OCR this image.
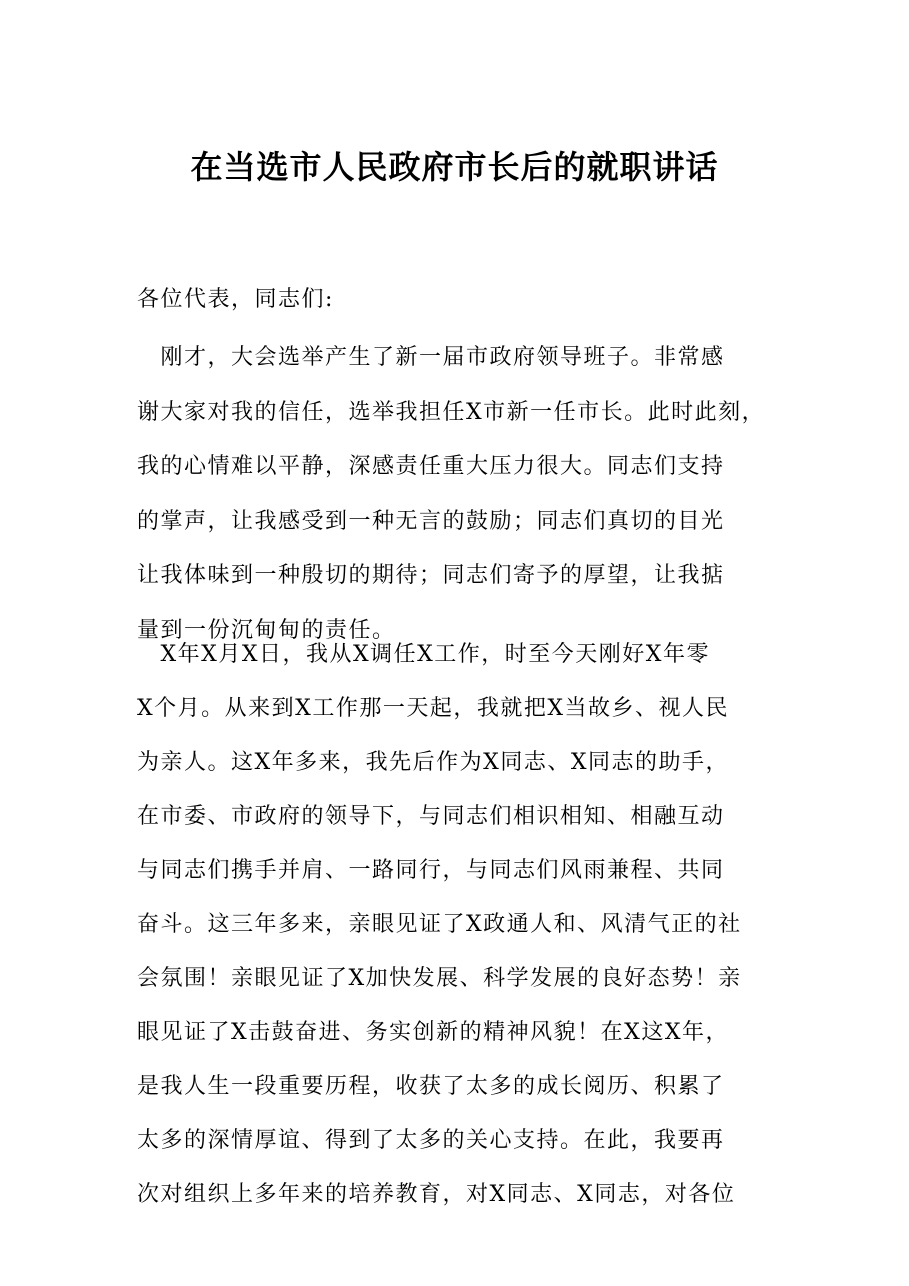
在当选市人民政府市长后的就职讲话

各位代表，同志们:

　刚才，大会选举产生了新一届市政府领导班子。非常感
谢大家对我的信任，选举我担任X市新一任市长。此时此刻，
我的心情难以平静，深感责任重大压力很大。同志们支持
的掌声，让我感受到一种无言的鼓励；同志们真切的目光
让我体味到一种殷切的期待；同志们寄予的厚望，让我掂
量到一份沉甸甸的责任。
　X年X月X日，我从X调任X工作，时至今天刚好X年零
X个月。从来到X工作那一天起，我就把X当故乡、视人民
为亲人。这X年多来，我先后作为X同志、X同志的助手，
在市委、市政府的领导下，与同志们相识相知、相融互动
与同志们携手并肩、一路同行，与同志们风雨兼程、共同
奋斗。这三年多来，亲眼见证了X政通人和、风清气正的社
会氛围！亲眼见证了X加快发展、科学发展的良好态势！亲
眼见证了X击鼓奋进、务实创新的精神风貌！在X这X年，
是我人生一段重要历程，收获了太多的成长阅历、积累了
太多的深情厚谊、得到了太多的关心支持。在此，我要再
次对组织上多年来的培养教育，对X同志、X同志，对各位
